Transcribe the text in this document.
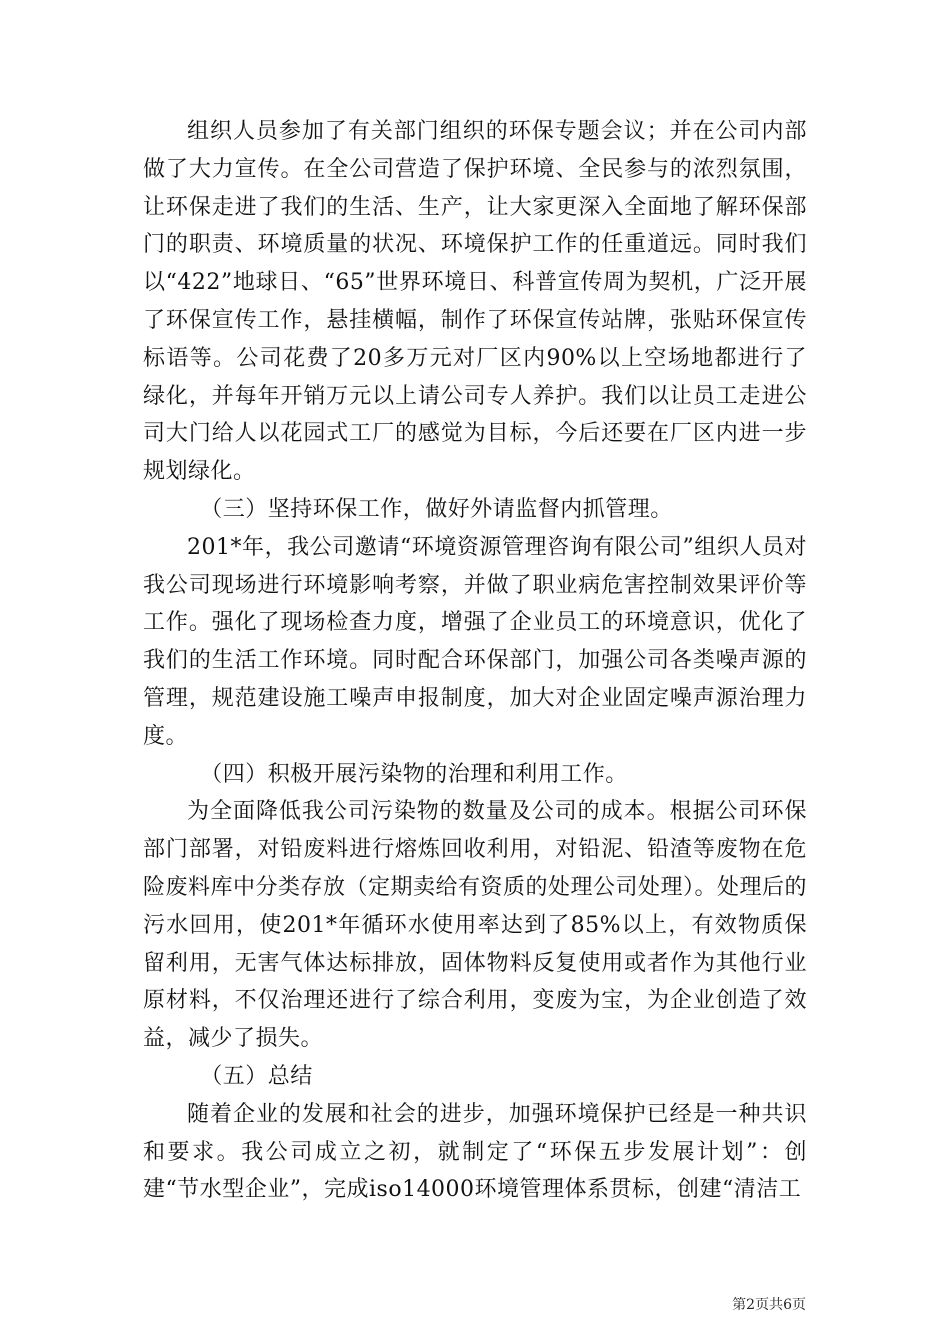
组织人员参加了有关部门组织的环保专题会议；并在公司内部做了大力宣传。在全公司营造了保护环境、全民参与的浓烈氛围，让环保走进了我们的生活、生产，让大家更深入全面地了解环保部门的职责、环境质量的状况、环境保护工作的任重道远。同时我们以“422”地球日、“65”世界环境日、科普宣传周为契机，广泛开展了环保宣传工作，悬挂横幅，制作了环保宣传站牌，张贴环保宣传标语等。公司花费了20多万元对厂区内90%以上空场地都进行了绿化，并每年开销万元以上请公司专人养护。我们以让员工走进公司大门给人以花园式工厂的感觉为目标，今后还要在厂区内进一步规划绿化。

（三）坚持环保工作，做好外请监督内抓管理。

201*年，我公司邀请“环境资源管理咨询有限公司”组织人员对我公司现场进行环境影响考察，并做了职业病危害控制效果评价等工作。强化了现场检查力度，增强了企业员工的环境意识，优化了我们的生活工作环境。同时配合环保部门，加强公司各类噪声源的管理，规范建设施工噪声申报制度，加大对企业固定噪声源治理力度。

（四）积极开展污染物的治理和利用工作。

为全面降低我公司污染物的数量及公司的成本。根据公司环保部门部署，对铅废料进行熔炼回收利用，对铅泥、铅渣等废物在危险废料库中分类存放（定期卖给有资质的处理公司处理）。处理后的污水回用，使201*年循环水使用率达到了85%以上，有效物质保留利用，无害气体达标排放，固体物料反复使用或者作为其他行业原材料，不仅治理还进行了综合利用，变废为宝，为企业创造了效益，减少了损失。

（五）总结

随着企业的发展和社会的进步，加强环境保护已经是一种共识和要求。我公司成立之初，就制定了“环保五步发展计划”：创建“节水型企业”，完成iso14000环境管理体系贯标，创建“清洁工

第2页共6页
